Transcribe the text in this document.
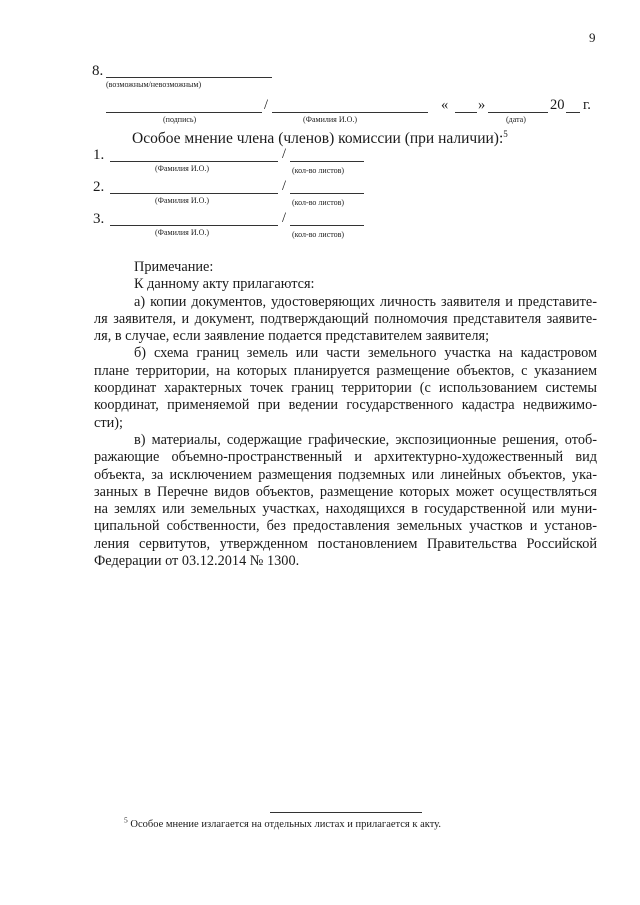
9
8.
(возможным/невозможным)
/
(подпись)	(Фамилия И.О.)
« »	20 г.
(дата)
Особое мнение члена (членов) комиссии (при наличии):$^5$
1.	/
(Фамилия И.О.)	(кол-во листов)
2.	/
(Фамилия И.О.)	(кол-во листов)
3.	/
(Фамилия И.О.)	(кол-во листов)
Примечание:
К данному акту прилагаются:
а) копии документов, удостоверяющих личность заявителя и представите-
ля заявителя, и документ, подтверждающий полномочия представителя заявите-
ля, в случае, если заявление подается представителем заявителя;
б) схема границ земель или части земельного участка на кадастровом
плане территории, на которых планируется размещение объектов, с указанием
координат характерных точек границ территории (с использованием системы
координат, применяемой при ведении государственного кадастра недвижимо-
сти);
в) материалы, содержащие графические, экспозиционные решения, отоб-
ражающие объемно-пространственный и архитектурно-художественный вид
объекта, за исключением размещения подземных или линейных объектов, ука-
занных в Перечне видов объектов, размещение которых может осуществляться
на землях или земельных участках, находящихся в государственной или муни-
ципальной собственности, без предоставления земельных участков и установ-
ления сервитутов, утвержденном постановлением Правительства Российской
Федерации от 03.12.2014 № 1300.
$^5$ Особое мнение излагается на отдельных листах и прилагается к акту.
